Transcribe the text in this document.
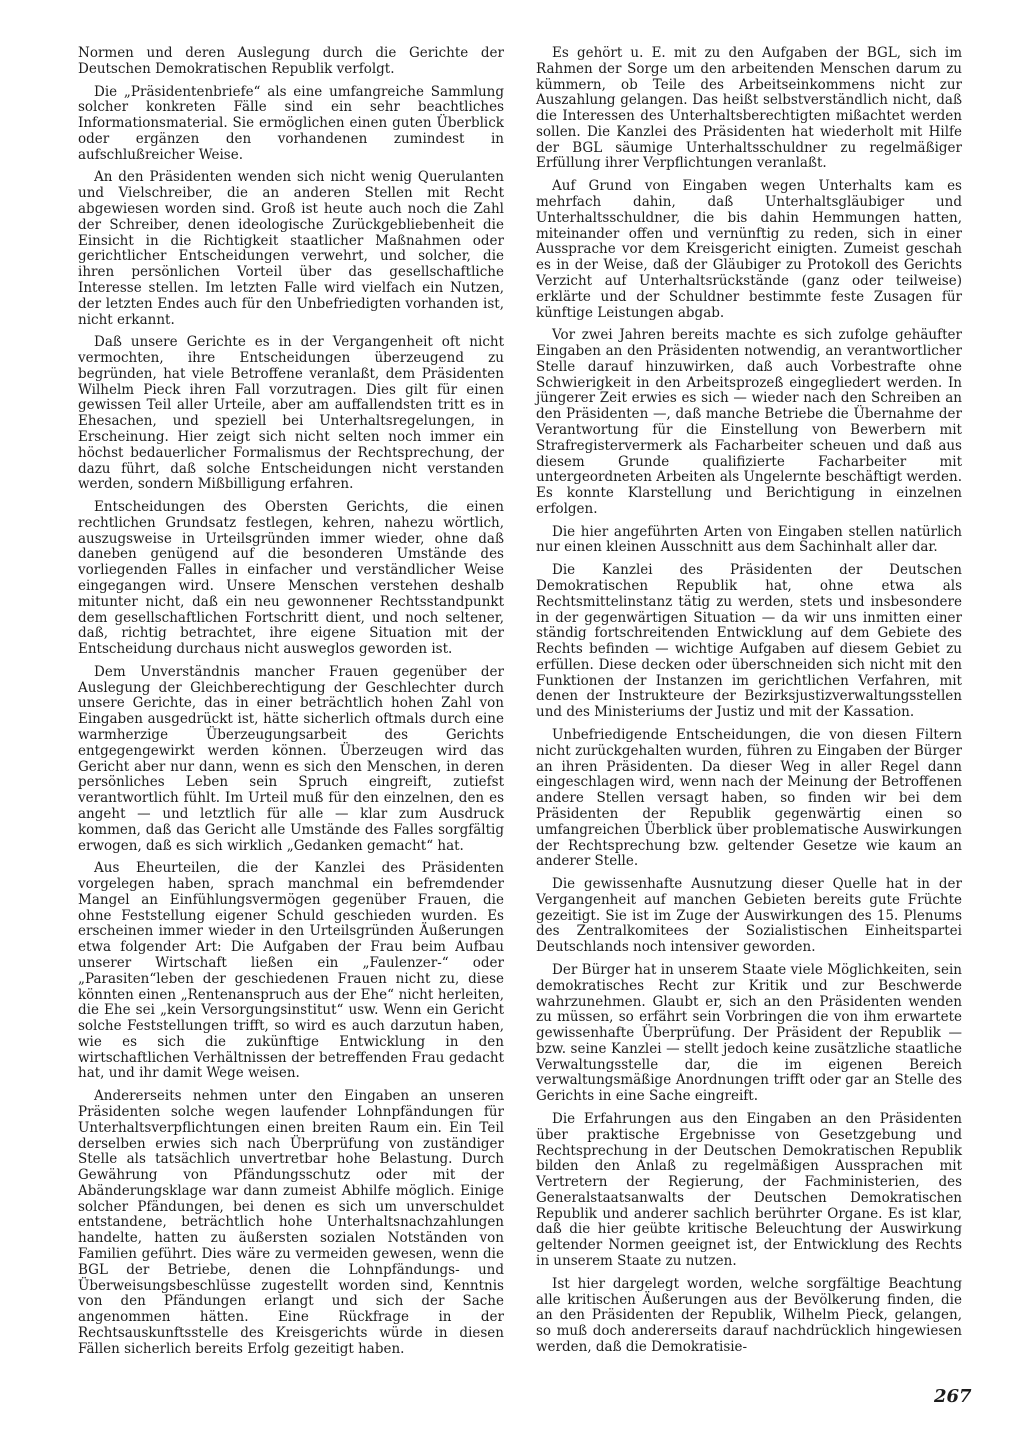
Normen und deren Auslegung durch die Gerichte der Deutschen Demokratischen Republik verfolgt.

Die „Präsidentenbriefe“ als eine umfangreiche Sammlung solcher konkreten Fälle sind ein sehr beachtliches Informationsmaterial. Sie ermöglichen einen guten Überblick oder ergänzen den vorhandenen zumindest in aufschlußreicher Weise.

An den Präsidenten wenden sich nicht wenig Querulanten und Vielschreiber, die an anderen Stellen mit Recht abgewiesen worden sind. Groß ist heute auch noch die Zahl der Schreiber, denen ideologische Zurückgebliebenheit die Einsicht in die Richtigkeit staatlicher Maßnahmen oder gerichtlicher Entscheidungen verwehrt, und solcher, die ihren persönlichen Vorteil über das gesellschaftliche Interesse stellen. Im letzten Falle wird vielfach ein Nutzen, der letzten Endes auch für den Unbefriedigten vorhanden ist, nicht erkannt.

Daß unsere Gerichte es in der Vergangenheit oft nicht vermochten, ihre Entscheidungen überzeugend zu begründen, hat viele Betroffene veranlaßt, dem Präsidenten Wilhelm Pieck ihren Fall vorzutragen. Dies gilt für einen gewissen Teil aller Urteile, aber am auffallendsten tritt es in Ehesachen, und speziell bei Unterhaltsregelungen, in Erscheinung. Hier zeigt sich nicht selten noch immer ein höchst bedauerlicher Formalismus der Rechtsprechung, der dazu führt, daß solche Entscheidungen nicht verstanden werden, sondern Mißbilligung erfahren.

Entscheidungen des Obersten Gerichts, die einen rechtlichen Grundsatz festlegen, kehren, nahezu wörtlich, auszugsweise in Urteilsgründen immer wieder, ohne daß daneben genügend auf die besonderen Umstände des vorliegenden Falles in einfacher und verständlicher Weise eingegangen wird. Unsere Menschen verstehen deshalb mitunter nicht, daß ein neu gewonnener Rechtsstandpunkt dem gesellschaftlichen Fortschritt dient, und noch seltener, daß, richtig betrachtet, ihre eigene Situation mit der Entscheidung durchaus nicht ausweglos geworden ist.

Dem Unverständnis mancher Frauen gegenüber der Auslegung der Gleichberechtigung der Geschlechter durch unsere Gerichte, das in einer beträchtlich hohen Zahl von Eingaben ausgedrückt ist, hätte sicherlich oftmals durch eine warmherzige Überzeugungsarbeit des Gerichts entgegengewirkt werden können. Überzeugen wird das Gericht aber nur dann, wenn es sich den Menschen, in deren persönliches Leben sein Spruch eingreift, zutiefst verantwortlich fühlt. Im Urteil muß für den einzelnen, den es angeht — und letztlich für alle — klar zum Ausdruck kommen, daß das Gericht alle Umstände des Falles sorgfältig erwogen, daß es sich wirklich „Gedanken gemacht“ hat.

Aus Eheurteilen, die der Kanzlei des Präsidenten vorgelegen haben, sprach manchmal ein befremdender Mangel an Einfühlungsvermögen gegenüber Frauen, die ohne Feststellung eigener Schuld geschieden wurden. Es erscheinen immer wieder in den Urteilsgründen Äußerungen etwa folgender Art: Die Aufgaben der Frau beim Aufbau unserer Wirtschaft ließen ein „Faulenzer-“ oder „Parasiten“leben der geschiedenen Frauen nicht zu, diese könnten einen „Rentenanspruch aus der Ehe“ nicht herleiten, die Ehe sei „kein Versorgungsinstitut“ usw. Wenn ein Gericht solche Feststellungen trifft, so wird es auch darzutun haben, wie es sich die zukünftige Entwicklung in den wirtschaftlichen Verhältnissen der betreffenden Frau gedacht hat, und ihr damit Wege weisen.

Andererseits nehmen unter den Eingaben an unseren Präsidenten solche wegen laufender Lohnpfändungen für Unterhaltsverpflichtungen einen breiten Raum ein. Ein Teil derselben erwies sich nach Überprüfung von zuständiger Stelle als tatsächlich unvertretbar hohe Belastung. Durch Gewährung von Pfändungsschutz oder mit der Abänderungsklage war dann zumeist Abhilfe möglich. Einige solcher Pfändungen, bei denen es sich um unverschuldet entstandene, beträchtlich hohe Unterhaltsnachzahlungen handelte, hatten zu äußersten sozialen Notständen von Familien geführt. Dies wäre zu vermeiden gewesen, wenn die BGL der Betriebe, denen die Lohnpfändungs- und Überweisungsbeschlüsse zugestellt worden sind, Kenntnis von den Pfändungen erlangt und sich der Sache angenommen hätten. Eine Rückfrage in der Rechtsauskunftsstelle des Kreisgerichts würde in diesen Fällen sicherlich bereits Erfolg gezeitigt haben.

Es gehört u. E. mit zu den Aufgaben der BGL, sich im Rahmen der Sorge um den arbeitenden Menschen darum zu kümmern, ob Teile des Arbeitseinkommens nicht zur Auszahlung gelangen. Das heißt selbstverständlich nicht, daß die Interessen des Unterhaltsberechtigten mißachtet werden sollen. Die Kanzlei des Präsidenten hat wiederholt mit Hilfe der BGL säumige Unterhaltsschuldner zu regelmäßiger Erfüllung ihrer Verpflichtungen veranlaßt.

Auf Grund von Eingaben wegen Unterhalts kam es mehrfach dahin, daß Unterhaltsgläubiger und Unterhaltsschuldner, die bis dahin Hemmungen hatten, miteinander offen und vernünftig zu reden, sich in einer Aussprache vor dem Kreisgericht einigten. Zumeist geschah es in der Weise, daß der Gläubiger zu Protokoll des Gerichts Verzicht auf Unterhaltsrückstände (ganz oder teilweise) erklärte und der Schuldner bestimmte feste Zusagen für künftige Leistungen abgab.

Vor zwei Jahren bereits machte es sich zufolge gehäufter Eingaben an den Präsidenten notwendig, an verantwortlicher Stelle darauf hinzuwirken, daß auch Vorbestrafte ohne Schwierigkeit in den Arbeitsprozeß eingegliedert werden. In jüngerer Zeit erwies es sich — wieder nach den Schreiben an den Präsidenten —, daß manche Betriebe die Übernahme der Verantwortung für die Einstellung von Bewerbern mit Strafregistervermerk als Facharbeiter scheuen und daß aus diesem Grunde qualifizierte Facharbeiter mit untergeordneten Arbeiten als Ungelernte beschäftigt werden. Es konnte Klarstellung und Berichtigung in einzelnen erfolgen.

Die hier angeführten Arten von Eingaben stellen natürlich nur einen kleinen Ausschnitt aus dem Sachinhalt aller dar.

Die Kanzlei des Präsidenten der Deutschen Demokratischen Republik hat, ohne etwa als Rechtsmittelinstanz tätig zu werden, stets und insbesondere in der gegenwärtigen Situation — da wir uns inmitten einer ständig fortschreitenden Entwicklung auf dem Gebiete des Rechts befinden — wichtige Aufgaben auf diesem Gebiet zu erfüllen. Diese decken oder überschneiden sich nicht mit den Funktionen der Instanzen im gerichtlichen Verfahren, mit denen der Instrukteure der Bezirksjustizverwaltungsstellen und des Ministeriums der Justiz und mit der Kassation.

Unbefriedigende Entscheidungen, die von diesen Filtern nicht zurückgehalten wurden, führen zu Eingaben der Bürger an ihren Präsidenten. Da dieser Weg in aller Regel dann eingeschlagen wird, wenn nach der Meinung der Betroffenen andere Stellen versagt haben, so finden wir bei dem Präsidenten der Republik gegenwärtig einen so umfangreichen Überblick über problematische Auswirkungen der Rechtsprechung bzw. geltender Gesetze wie kaum an anderer Stelle.

Die gewissenhafte Ausnutzung dieser Quelle hat in der Vergangenheit auf manchen Gebieten bereits gute Früchte gezeitigt. Sie ist im Zuge der Auswirkungen des 15. Plenums des Zentralkomitees der Sozialistischen Einheitspartei Deutschlands noch intensiver geworden.

Der Bürger hat in unserem Staate viele Möglichkeiten, sein demokratisches Recht zur Kritik und zur Beschwerde wahrzunehmen. Glaubt er, sich an den Präsidenten wenden zu müssen, so erfährt sein Vorbringen die von ihm erwartete gewissenhafte Überprüfung. Der Präsident der Republik — bzw. seine Kanzlei — stellt jedoch keine zusätzliche staatliche Verwaltungsstelle dar, die im eigenen Bereich verwaltungsmäßige Anordnungen trifft oder gar an Stelle des Gerichts in eine Sache eingreift.

Die Erfahrungen aus den Eingaben an den Präsidenten über praktische Ergebnisse von Gesetzgebung und Rechtsprechung in der Deutschen Demokratischen Republik bilden den Anlaß zu regelmäßigen Aussprachen mit Vertretern der Regierung, der Fachministerien, des Generalstaatsanwalts der Deutschen Demokratischen Republik und anderer sachlich berührter Organe. Es ist klar, daß die hier geübte kritische Beleuchtung der Auswirkung geltender Normen geeignet ist, der Entwicklung des Rechts in unserem Staate zu nutzen.

Ist hier dargelegt worden, welche sorgfältige Beachtung alle kritischen Äußerungen aus der Bevölkerung finden, die an den Präsidenten der Republik, Wilhelm Pieck, gelangen, so muß doch andererseits darauf nachdrücklich hingewiesen werden, daß die Demokratisie-

267
